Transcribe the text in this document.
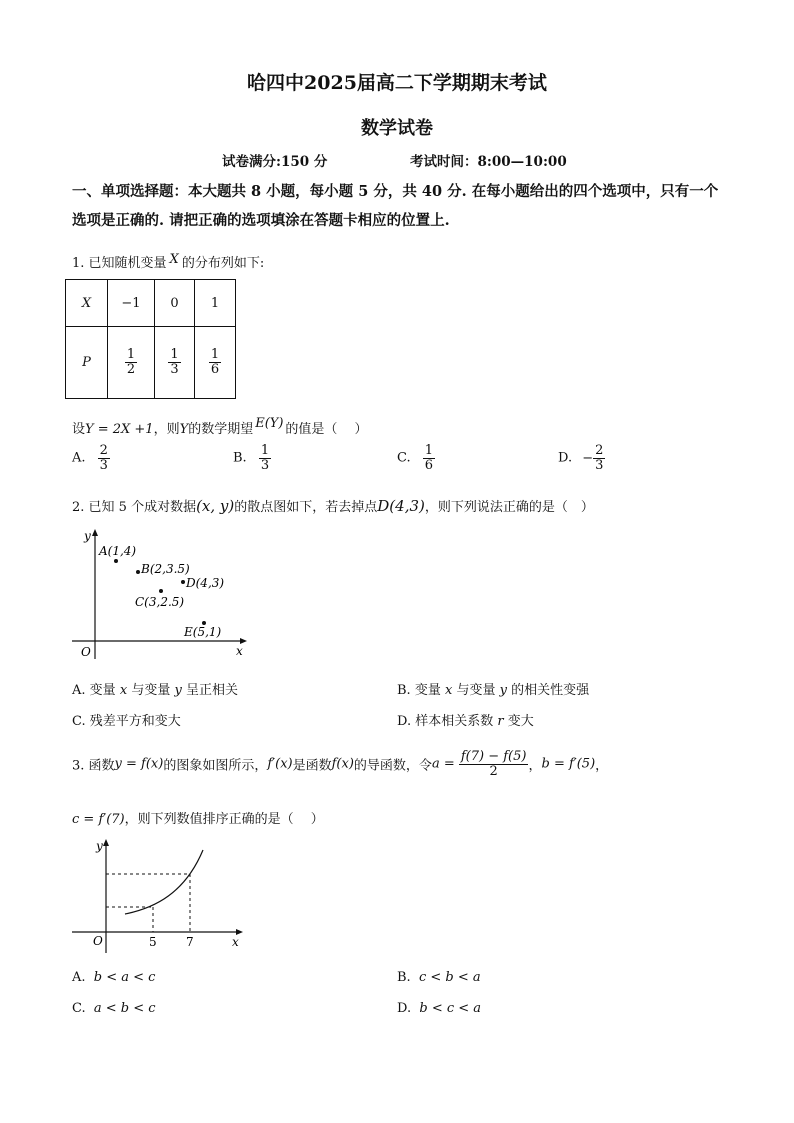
哈四中2025届高二下学期期末考试
数学试卷
试卷满分:150 分	考试时间：8:00—10:00
一、单项选择题：本大题共 8 小题，每小题 5 分，共 40 分. 在每小题给出的四个选项中，只有一个选项是正确的. 请把正确的选项填涂在答题卡相应的位置上.
1. 已知随机变量 X 的分布列如下:
X	−1	0	1
P	$\frac{1}{2}$	$\frac{1}{3}$	$\frac{1}{6}$
设Y = 2X +1，则Y的数学期望 E(Y) 的值是（　 ）
A. $\frac{2}{3}$	B. $\frac{1}{3}$	C. $\frac{1}{6}$	D. − $\frac{2}{3}$
2. 已知 5 个成对数据(x, y)的散点图如下，若去掉点D(4,3)，则下列说法正确的是（　）
x
y
O
A(1,4)
B(2,3.5)
D(4,3)
C(3,2.5)
E(5,1)
A. 变量 x 与变量 y 呈正相关	B. 变量 x 与变量 y 的相关性变强
C. 残差平方和变大	D. 样本相关系数 r 变大
3. 函数y = f(x)的图象如图所示，f′(x)是函数f(x)的导函数，令$a = \frac{f(7) - f(5)}{2}$ ，b = f′(5)，
c = f′(7)，则下列数值排序正确的是（　 ）
x
y
O	5 7
A. b < a < c	B. c < b < a
C. a < b < c	D. b < c < a
